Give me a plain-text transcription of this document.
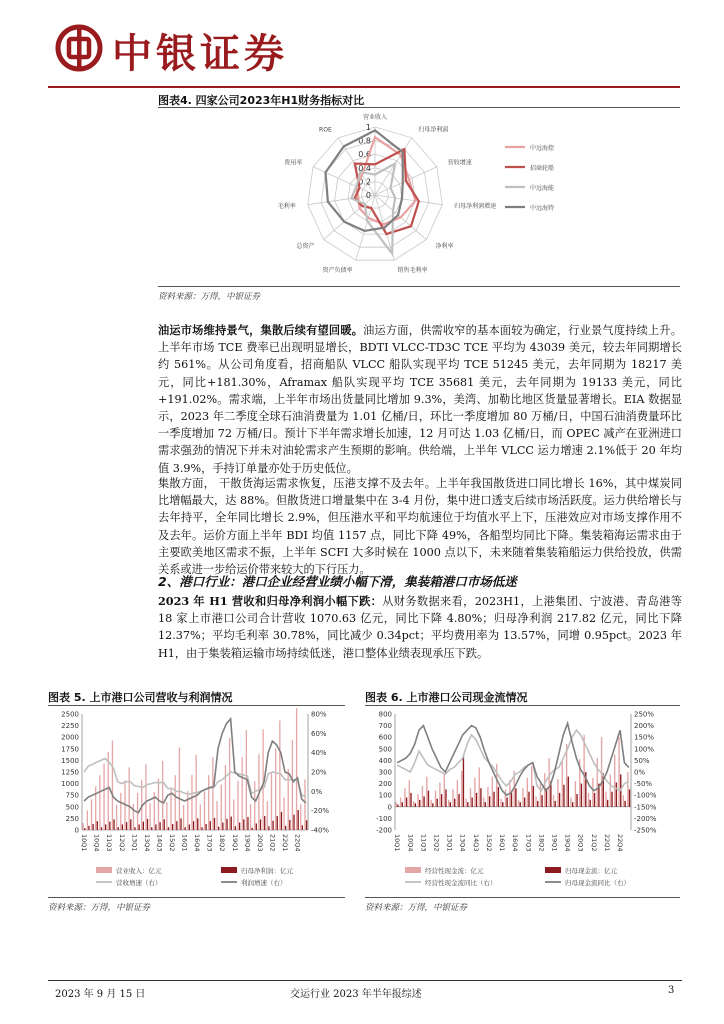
中银证券
图表4. 四家公司2023年H1财务指标对比
0
0.2
0.4
0.6
0.8
1
营业收入
归母净利润
营收增速
归母净利润增速
净利率
销售毛利率
资产负债率
总资产
毛利率
费用率
ROE
中远海控
招商轮船
中远海能
中远海特
资料来源：万得，中银证券
油运市场维持景气，集散后续有望回暖。油运方面，供需收窄的基本面较为确定，行业景气度持续上升。上半年市场 TCE 费率已出现明显增长，BDTI VLCC-TD3C TCE 平均为 43039 美元，较去年同期增长约 561%。从公司角度看，招商船队 VLCC 船队实现平均 TCE 51245 美元，去年同期为 18217 美元，同比+181.30%，Aframax 船队实现平均 TCE 35681 美元，去年同期为 19133 美元，同比+191.02%。需求端，上半年市场出货量同比增加 9.3%，美湾、加勒比地区货量显著增长。EIA 数据显示，2023 年二季度全球石油消费量为 1.01 亿桶/日，环比一季度增加 80 万桶/日，中国石油消费量环比一季度增加 72 万桶/日。预计下半年需求增长加速，12 月可达 1.03 亿桶/日，而 OPEC 减产在亚洲进口需求强劲的情况下并未对油轮需求产生预期的影响。供给端，上半年 VLCC 运力增速 2.1%低于 20 年均值 3.9%，手持订单量亦处于历史低位。
集散方面， 干散货海运需求恢复，压港支撑不及去年。上半年我国散货进口同比增长 16%，其中煤炭同比增幅最大，达 88%。但散货进口增量集中在 3-4 月份，集中进口透支后续市场活跃度。运力供给增长与去年持平，全年同比增长 2.9%，但压港水平和平均航速位于均值水平上下，压港效应对市场支撑作用不及去年。运价方面上半年 BDI 均值 1157 点，同比下降 49%，各船型均同比下降。集装箱海运需求由于主要欧美地区需求不振，上半年 SCFI 大多时候在 1000 点以下，未来随着集装箱船运力供给投放，供需关系或进一步给运价带来较大的下行压力。
2、港口行业：港口企业经营业绩小幅下滑，集装箱港口市场低迷
2023 年 H1 营收和归母净利润小幅下跌：从财务数据来看，2023H1，上港集团、宁波港、青岛港等 18 家上市港口公司合计营收 1070.63 亿元，同比下降 4.80%；归母净利润 217.82 亿元，同比下降 12.37%；平均毛利率 30.78%，同比减少 0.34pct；平均费用率为 13.57%，同增 0.95pct。2023 年 H1，由于集装箱运输市场持续低迷，港口整体业绩表现承压下跌。
图表 5. 上市港口公司营收与利润情况
0
250
500
750
1000
1250
1500
1750
2000
2250
2500
-40%
-20%
0%
20%
40%
60%
80%
10Q1 10Q4 11Q3 12Q2 13Q1 13Q4 14Q3 15Q2 16Q1 16Q4 17Q3 18Q2 19Q1 19Q4 20Q3 21Q2 22Q1 22Q4
营业收入：亿元	归母净利润：亿元
营收增速（右）	利润增速（右）
资料来源：万得，中银证券
图表 6. 上市港口公司现金流情况
-200
-100
0
100
200
300
400
500
600
700
800
-250%
-200%
-150%
-100%
-50%
0%
50%
100%
150%
200%
250%
10Q1 10Q4 11Q3 12Q2 13Q1 13Q4 14Q3 15Q2 16Q1 16Q4 17Q3 18Q2 19Q1 19Q4 20Q3 21Q2 22Q1 22Q4
经营性现金流：亿元	归母现金流：亿元
经营性现金流同比（右）	归母现金流同比（右）
资料来源：万得，中银证券
2023 年 9 月 15 日	交运行业 2023 年半年报综述	3
